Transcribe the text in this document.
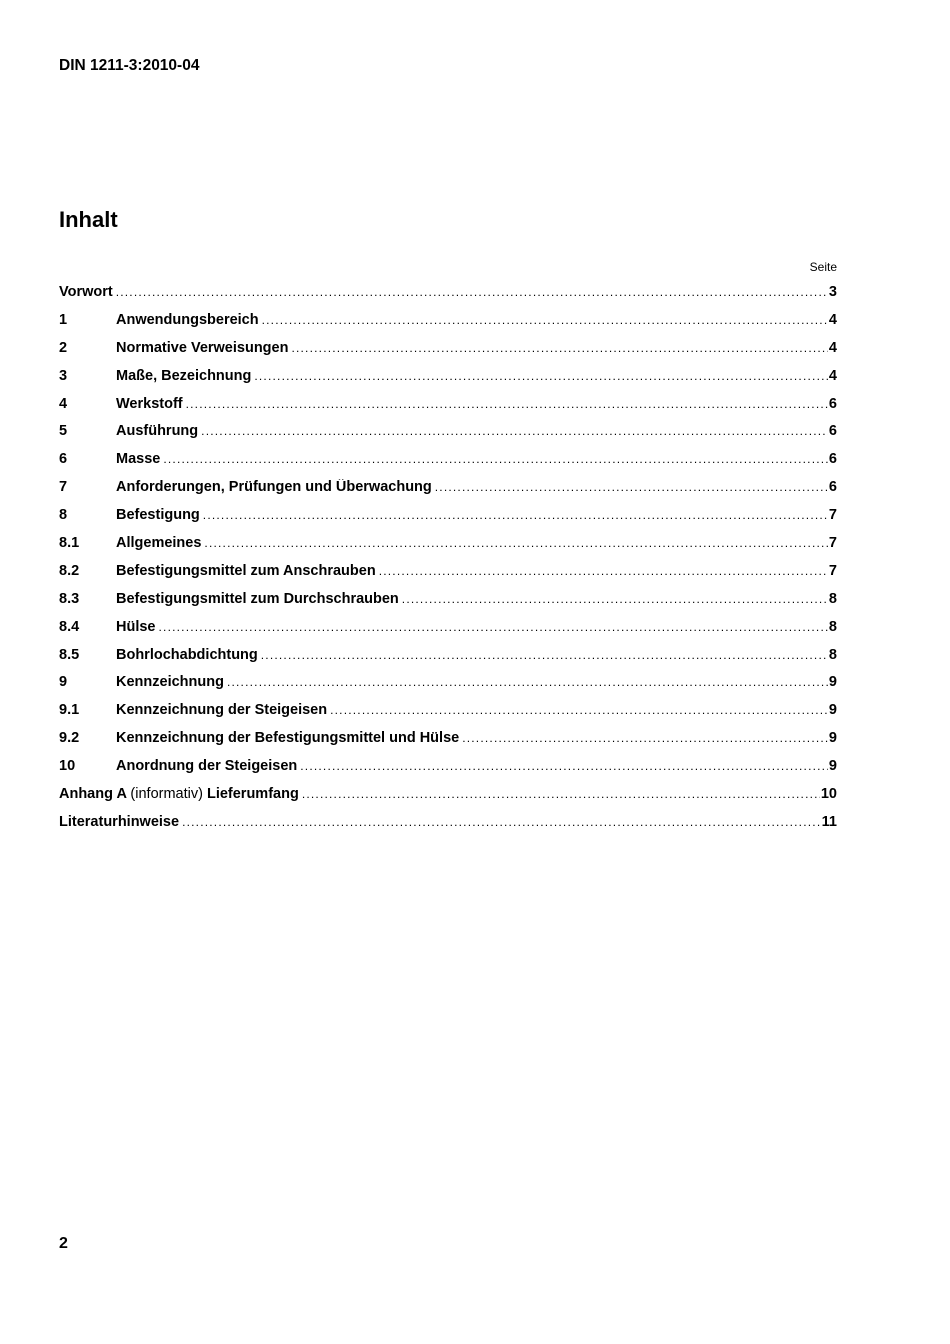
DIN 1211-3:2010-04
Inhalt
Seite
Vorwort .....	3
1	Anwendungsbereich .....	4
2	Normative Verweisungen .....	4
3	Maße, Bezeichnung .....	4
4	Werkstoff .....	6
5	Ausführung .....	6
6	Masse .....	6
7	Anforderungen, Prüfungen und Überwachung .....	6
8	Befestigung .....	7
8.1	Allgemeines .....	7
8.2	Befestigungsmittel zum Anschrauben .....	7
8.3	Befestigungsmittel zum Durchschrauben .....	8
8.4	Hülse .....	8
8.5	Bohrlochabdichtung .....	8
9	Kennzeichnung .....	9
9.1	Kennzeichnung der Steigeisen .....	9
9.2	Kennzeichnung der Befestigungsmittel und Hülse .....	9
10	Anordnung der Steigeisen .....	9
Anhang A (informativ) Lieferumfang .....	10
Literaturhinweise .....	11
2
